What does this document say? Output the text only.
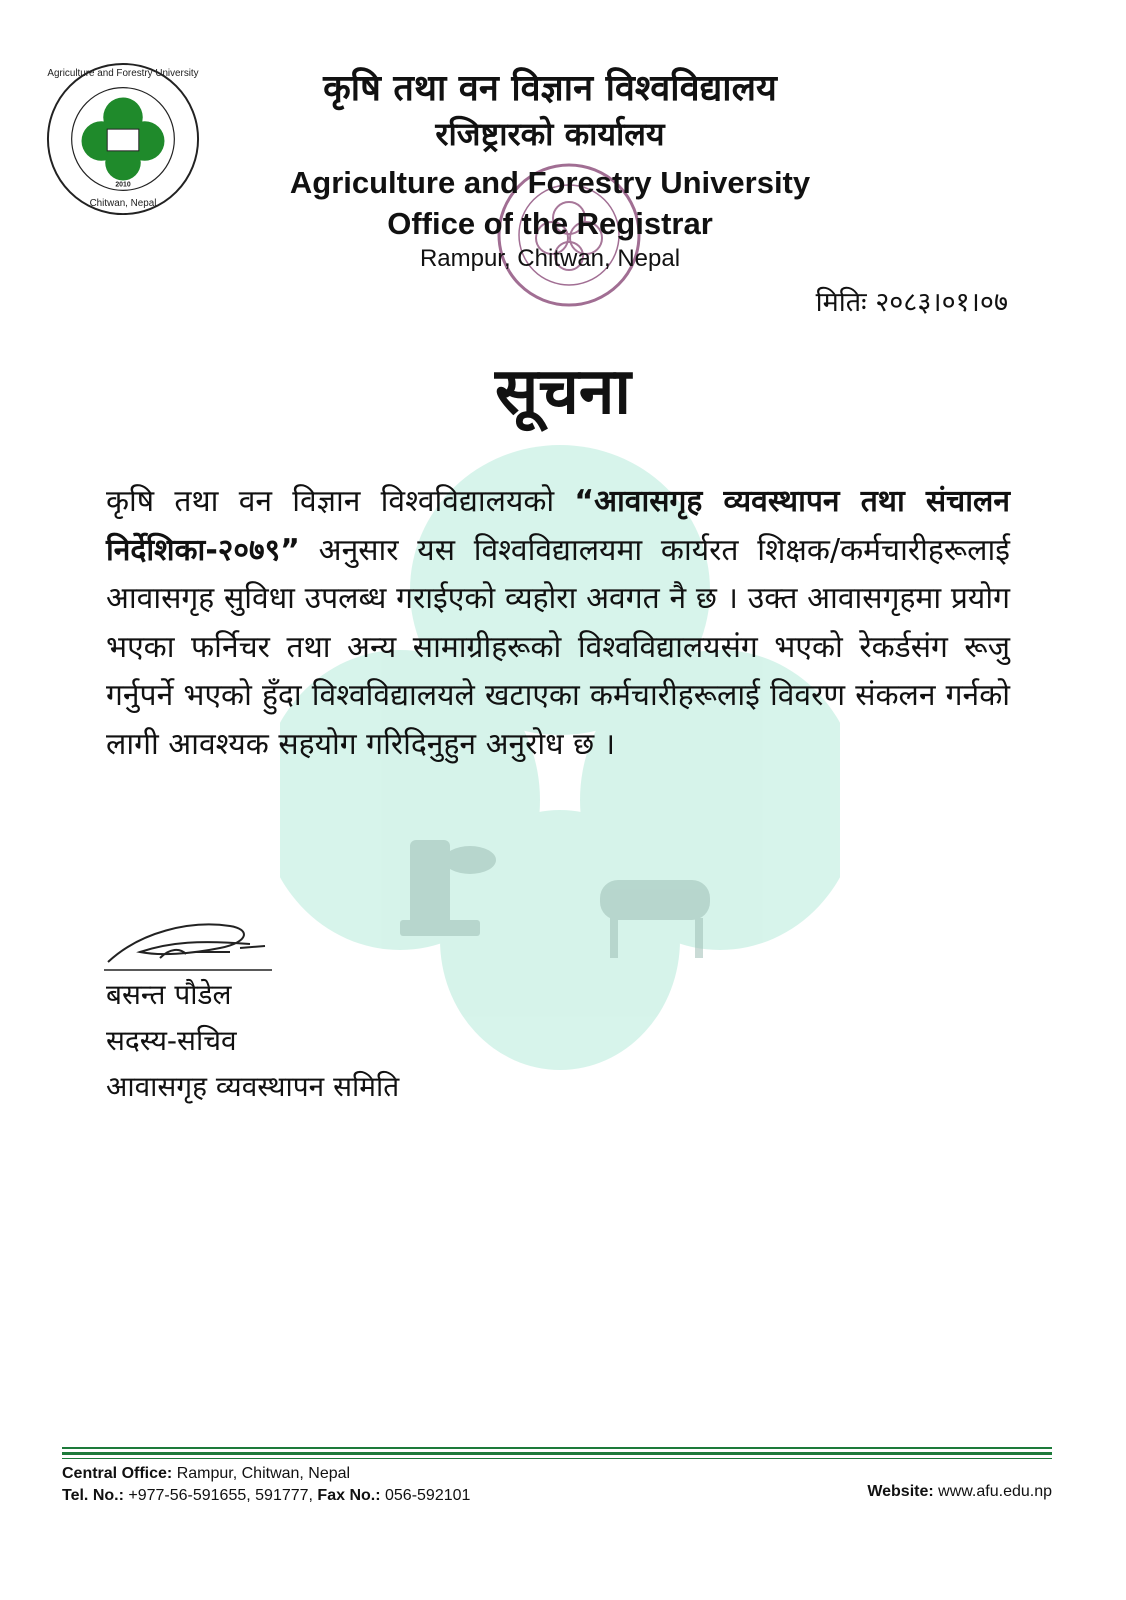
Agriculture and Forestry University
2010
Chitwan, Nepal
कृषि तथा वन विज्ञान विश्वविद्यालय
रजिष्ट्रारको कार्यालय
Agriculture and Forestry University
Office of the Registrar
Rampur, Chitwan, Nepal
मितिः २०८३।०१।०७
सूचना
कृषि तथा वन विज्ञान विश्वविद्यालयको “आवासगृह व्यवस्थापन तथा संचालन निर्देशिका-२०७९” अनुसार यस विश्वविद्यालयमा कार्यरत शिक्षक/कर्मचारीहरूलाई आवासगृह सुविधा उपलब्ध गराईएको व्यहोरा अवगत नै छ । उक्त आवासगृहमा प्रयोग भएका फर्निचर तथा अन्य सामाग्रीहरूको विश्वविद्यालयसंग भएको रेकर्डसंग रूजु गर्नुपर्ने भएको हुँदा विश्वविद्यालयले खटाएका कर्मचारीहरूलाई विवरण संकलन गर्नको लागी आवश्यक सहयोग गरिदिनुहुन अनुरोध छ ।
बसन्त पौडेल
सदस्य-सचिव
आवासगृह व्यवस्थापन समिति
Central Office: Rampur, Chitwan, Nepal
Tel. No.: +977-56-591655, 591777, Fax No.: 056-592101	Website: www.afu.edu.np
